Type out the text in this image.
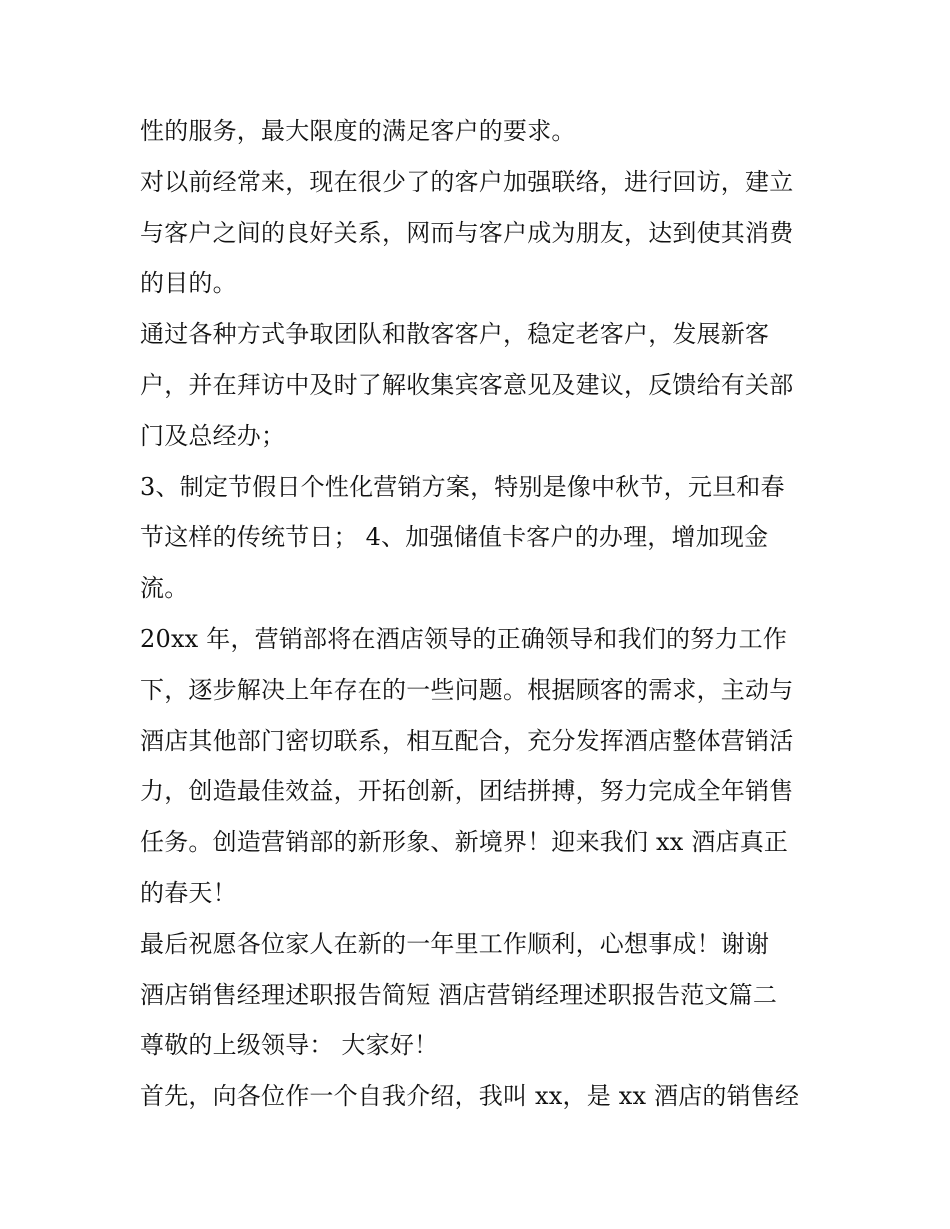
性的服务，最大限度的满足客户的要求。
对以前经常来，现在很少了的客户加强联络，进行回访，建立
与客户之间的良好关系，网而与客户成为朋友，达到使其消费
的目的。
通过各种方式争取团队和散客客户，稳定老客户，发展新客
户，并在拜访中及时了解收集宾客意见及建议，反馈给有关部
门及总经办；
3、制定节假日个性化营销方案，特别是像中秋节，元旦和春
节这样的传统节日； 4、加强储值卡客户的办理，增加现金
流。
20xx 年，营销部将在酒店领导的正确领导和我们的努力工作
下，逐步解决上年存在的一些问题。根据顾客的需求，主动与
酒店其他部门密切联系，相互配合，充分发挥酒店整体营销活
力，创造最佳效益，开拓创新，团结拼搏，努力完成全年销售
任务。创造营销部的新形象、新境界！迎来我们 xx 酒店真正
的春天！
最后祝愿各位家人在新的一年里工作顺利，心想事成！谢谢
酒店销售经理述职报告简短 酒店营销经理述职报告范文篇二
尊敬的上级领导： 大家好！
首先，向各位作一个自我介绍，我叫 xx，是 xx 酒店的销售经
